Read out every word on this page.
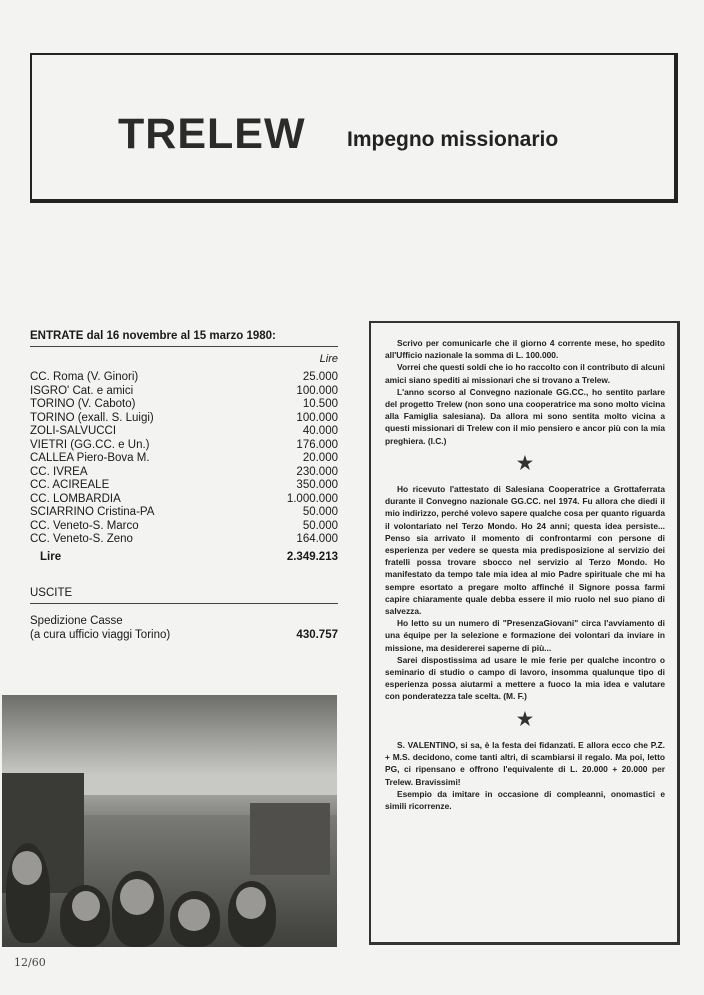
TRELEW Impegno missionario
ENTRATE dal 16 novembre al 15 marzo 1980:
Lire
CC. Roma (V. Ginori)	25.000
ISGRO' Cat. e amici	100.000
TORINO (V. Caboto)	10.500
TORINO (exall. S. Luigi)	100.000
ZOLI-SALVUCCI	40.000
VIETRI (GG.CC. e Un.)	176.000
CALLEA Piero-Bova M.	20.000
CC. IVREA	230.000
CC. ACIREALE	350.000
CC. LOMBARDIA	1.000.000
SCIARRINO Cristina-PA	50.000
CC. Veneto-S. Marco	50.000
CC. Veneto-S. Zeno	164.000
Lire	2.349.213
USCITE
Spedizione Casse
(a cura ufficio viaggi Torino)	430.757

Scrivo per comunicarle che il giorno 4 corrente mese, ho spedito all'Ufficio nazionale la somma di L. 100.000.

Vorrei che questi soldi che io ho raccolto con il contributo di alcuni amici siano spediti ai missionari che si trovano a Trelew.

L'anno scorso al Convegno nazionale GG.CC., ho sentito parlare del progetto Trelew (non sono una cooperatrice ma sono molto vicina alla Famiglia salesiana). Da allora mi sono sentita molto vicina a questi missionari di Trelew con il mio pensiero e ancor più con la mia preghiera. (I.C.)

★

Ho ricevuto l'attestato di Salesiana Cooperatrice a Grottaferrata durante il Convegno nazionale GG.CC. nel 1974. Fu allora che diedi il mio indirizzo, perché volevo sapere qualche cosa per quanto riguarda il volontariato nel Terzo Mondo. Ho 24 anni; questa idea persiste... Penso sia arrivato il momento di confrontarmi con persone di esperienza per vedere se questa mia predisposizione al servizio dei fratelli possa trovare sbocco nel servizio al Terzo Mondo. Ho manifestato da tempo tale mia idea al mio Padre spirituale che mi ha sempre esortato a pregare molto affinché il Signore possa farmi capire chiaramente quale debba essere il mio ruolo nel suo piano di salvezza.

Ho letto su un numero di "PresenzaGiovani" circa l'avviamento di una équipe per la selezione e formazione dei volontari da inviare in missione, ma desidererei saperne di più...

Sarei dispostissima ad usare le mie ferie per qualche incontro o seminario di studio o campo di lavoro, insomma qualunque tipo di esperienza possa aiutarmi a mettere a fuoco la mia idea e valutare con ponderatezza tale scelta. (M. F.)

★

S. VALENTINO, si sa, è la festa dei fidanzati. E allora ecco che P.Z. + M.S. decidono, come tanti altri, di scambiarsi il regalo. Ma poi, letto PG, ci ripensano e offrono l'equivalente di L. 20.000 + 20.000 per Trelew. Bravissimi!

Esempio da imitare in occasione di compleanni, onomastici e simili ricorrenze.

12/60
